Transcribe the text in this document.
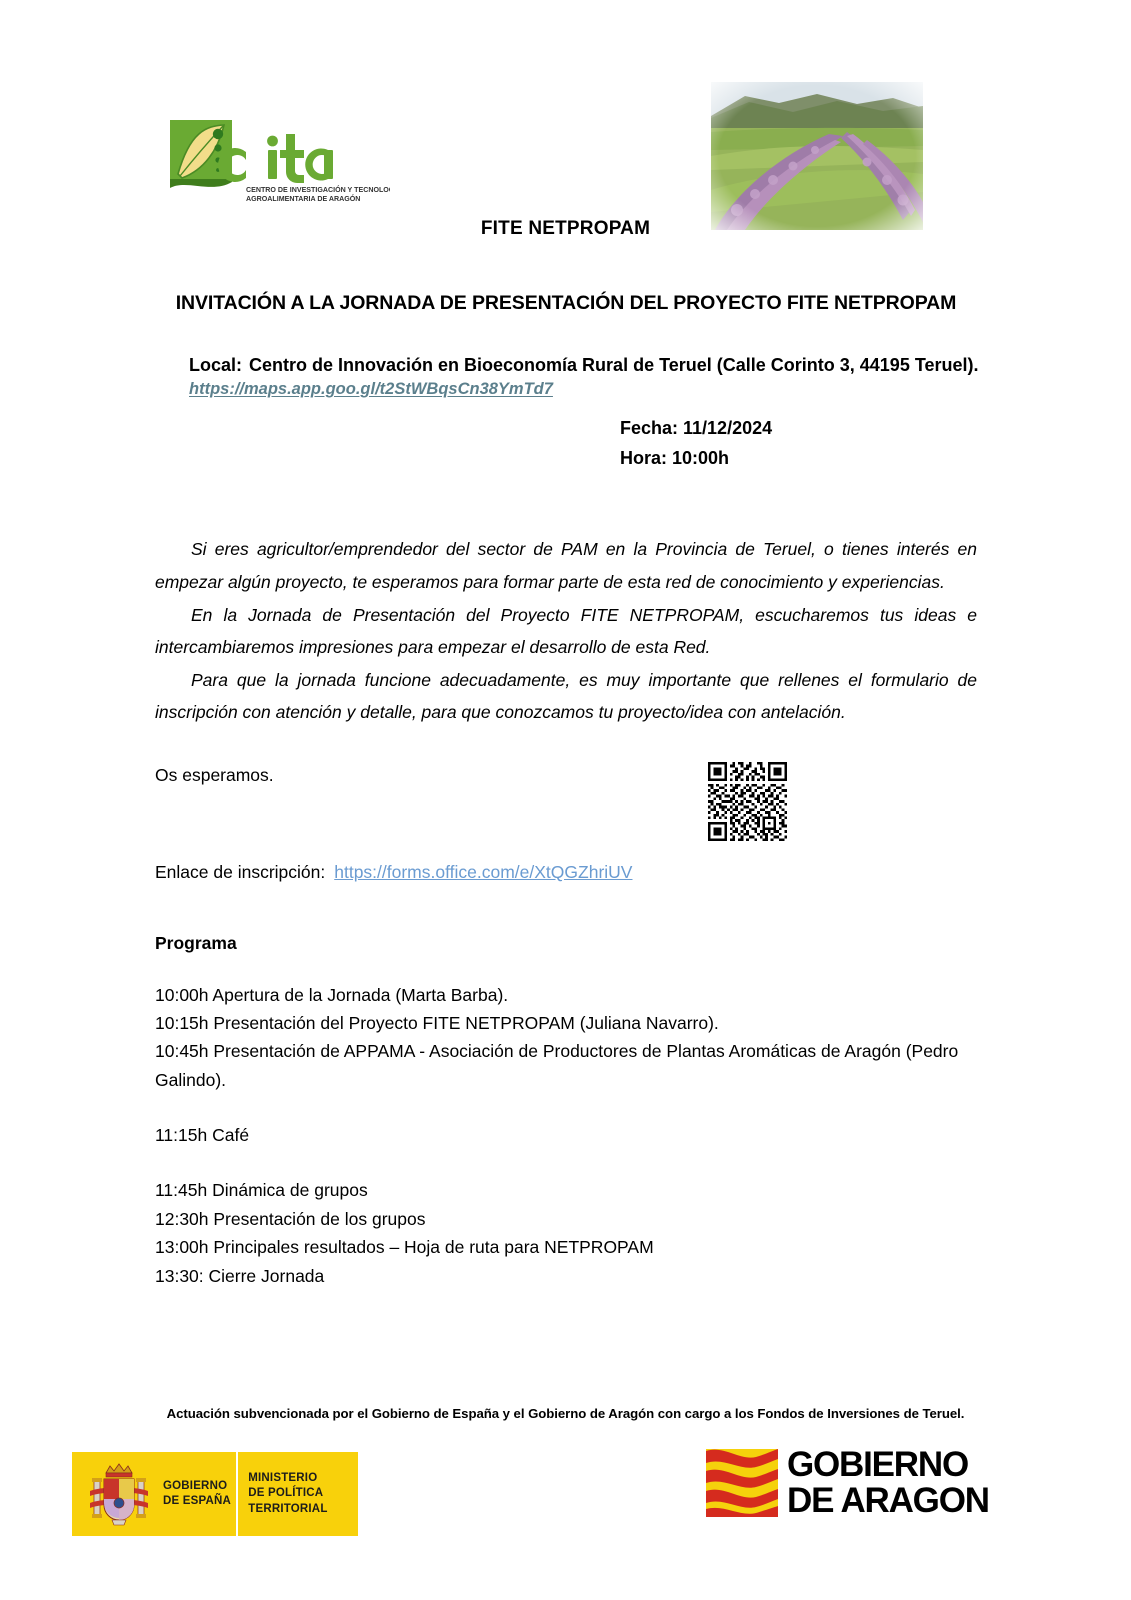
CENTRO DE INVESTIGACIÓN Y TECNOLOGÍA
AGROALIMENTARIA DE ARAGÓN
FITE NETPROPAM
INVITACIÓN A LA JORNADA DE PRESENTACIÓN DEL PROYECTO FITE NETPROPAM
Local: Centro de Innovación en Bioeconomía Rural de Teruel (Calle Corinto 3, 44195 Teruel).
https://maps.app.goo.gl/t2StWBqsCn38YmTd7
Fecha: 11/12/2024
Hora: 10:00h

Si eres agricultor/emprendedor del sector de PAM en la Provincia de Teruel, o tienes interés en empezar algún proyecto, te esperamos para formar parte de esta red de conocimiento y experiencias.

En la Jornada de Presentación del Proyecto FITE NETPROPAM, escucharemos tus ideas e intercambiaremos impresiones para empezar el desarrollo de esta Red.

Para que la jornada funcione adecuadamente, es muy importante que rellenes el formulario de inscripción con atención y detalle, para que conozcamos tu proyecto/idea con antelación.

Os esperamos.
Enlace de inscripción: https://forms.office.com/e/XtQGZhriUV
Programa

10:00h Apertura de la Jornada (Marta Barba).

10:15h Presentación del Proyecto FITE NETPROPAM (Juliana Navarro).

10:45h Presentación de APPAMA - Asociación de Productores de Plantas Aromáticas de Aragón (Pedro Galindo).

11:15h Café

11:45h Dinámica de grupos

12:30h Presentación de los grupos

13:00h Principales resultados – Hoja de ruta para NETPROPAM

13:30: Cierre Jornada

Actuación subvencionada por el Gobierno de España y el Gobierno de Aragón con cargo a los Fondos de Inversiones de Teruel.
GOBIERNO
DE ESPAÑA
MINISTERIO
DE POLÍTICA TERRITORIAL
GOBIERNO
DE ARAGON
